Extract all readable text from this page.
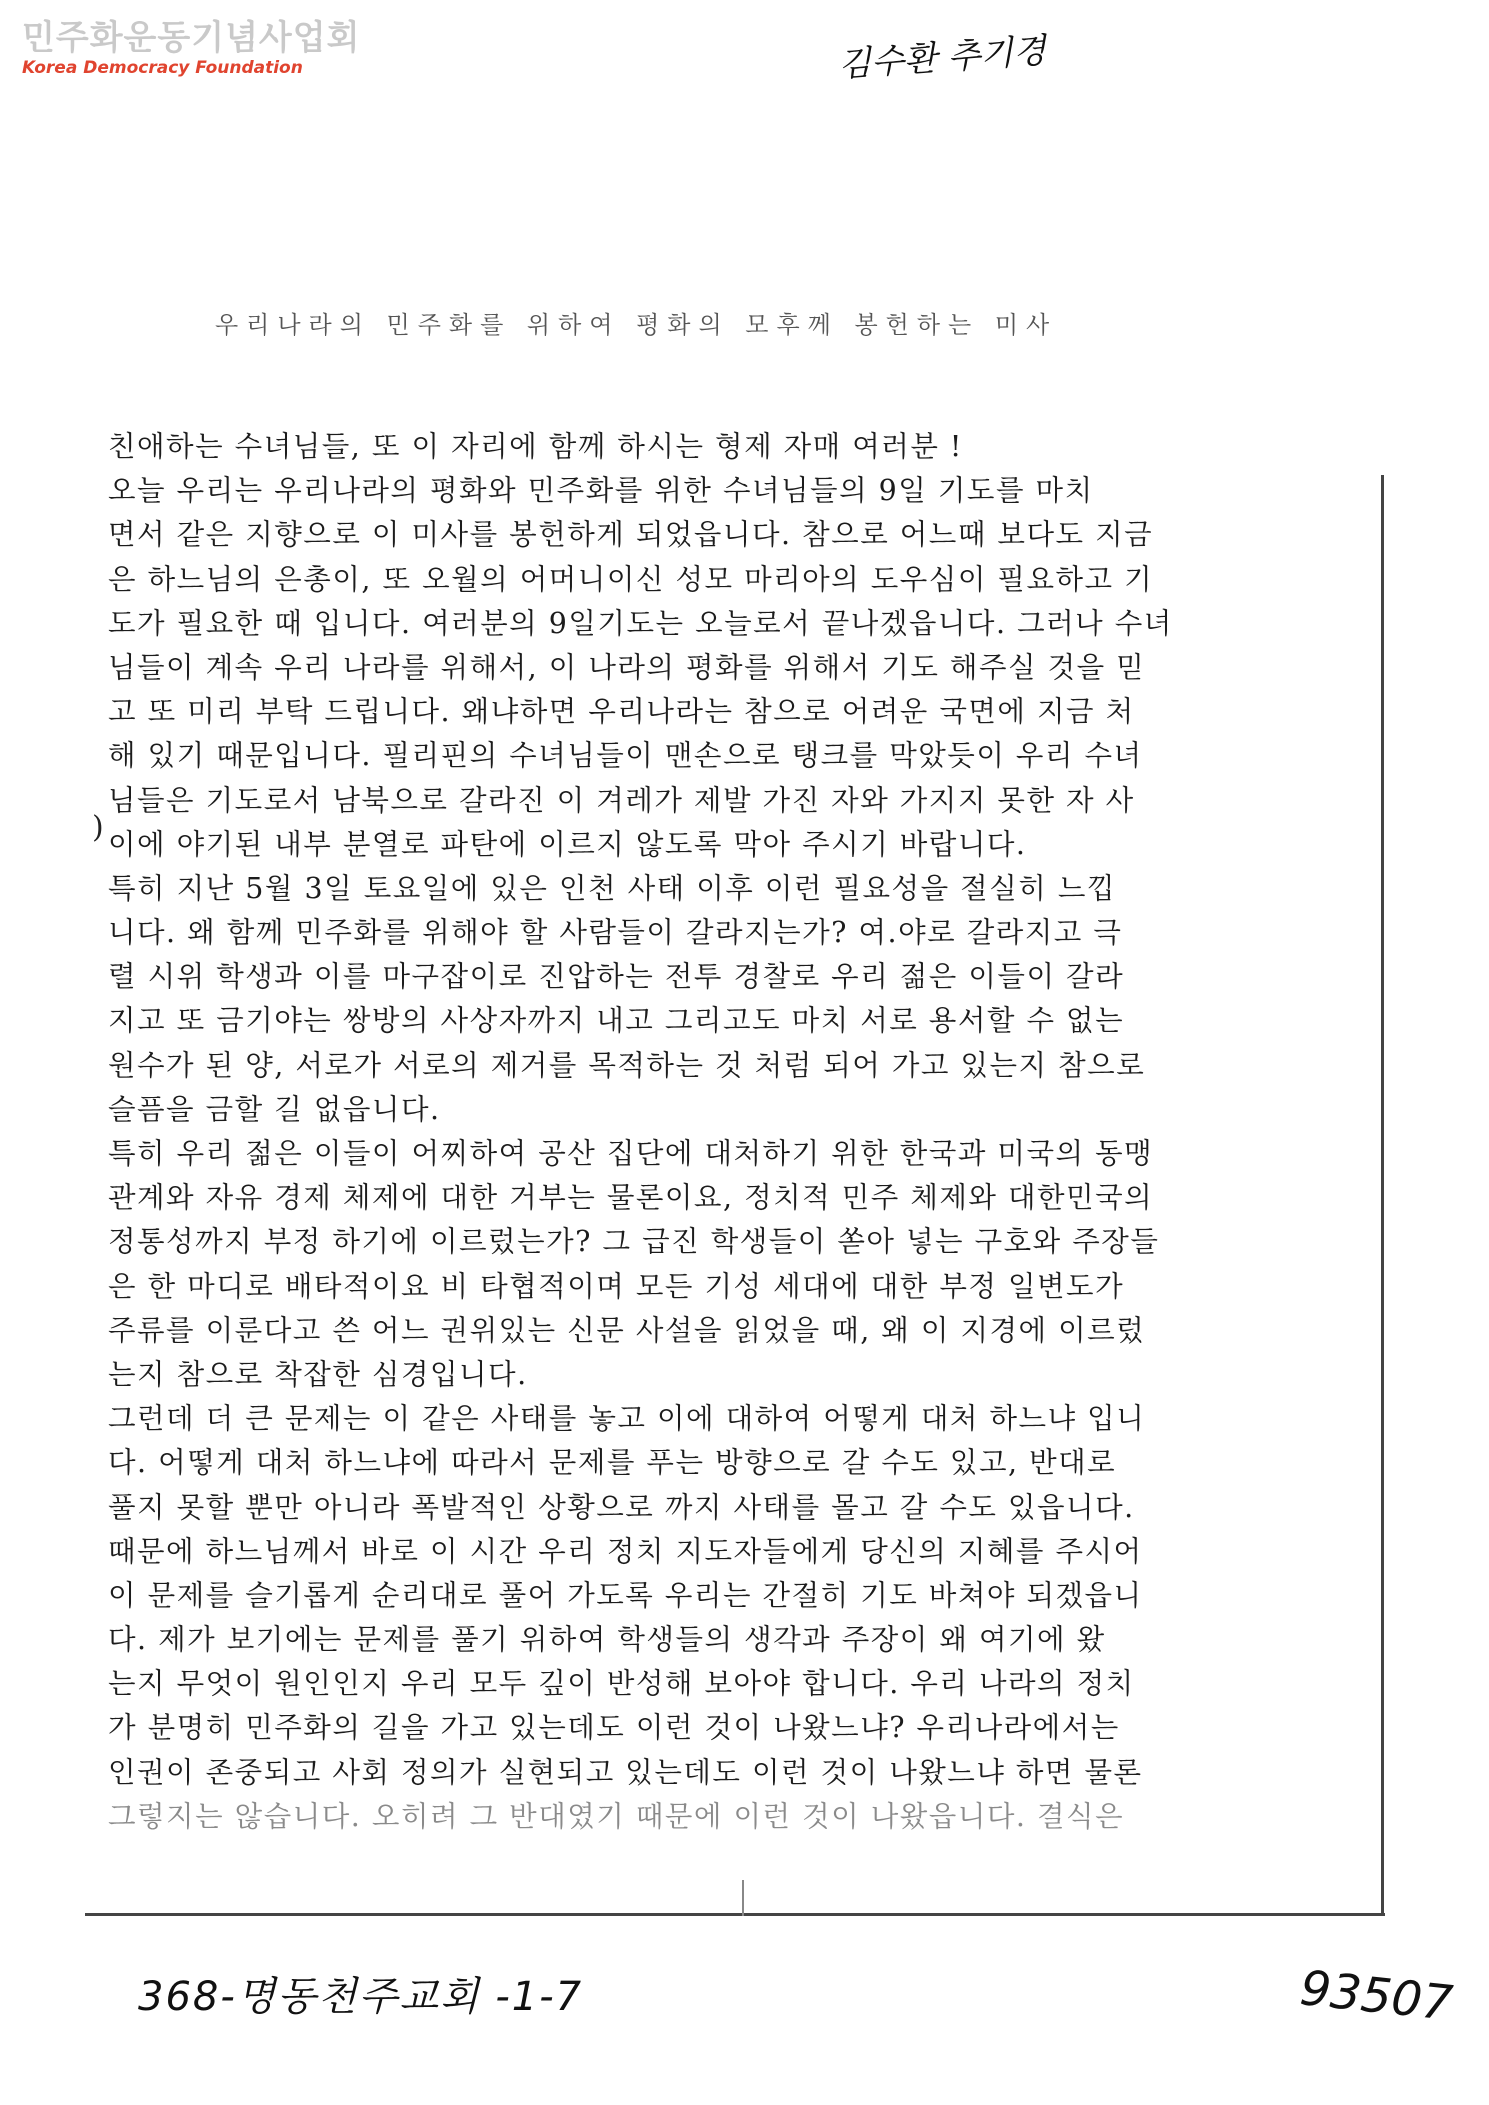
민주화운동기념사업회
Korea Democracy Foundation	김수환 추기경
우리나라의 민주화를 위하여 평화의 모후께 봉헌하는 미사
친애하는 수녀님들, 또 이 자리에 함께 하시는 형제 자매 여러분 !
오늘 우리는 우리나라의 평화와 민주화를 위한 수녀님들의 9일 기도를 마치
면서 같은 지향으로 이 미사를 봉헌하게 되었읍니다. 참으로 어느때 보다도 지금
은 하느님의 은총이, 또 오월의 어머니이신 성모 마리아의 도우심이 필요하고 기
도가 필요한 때 입니다. 여러분의 9일기도는 오늘로서 끝나겠읍니다. 그러나 수녀
님들이 계속 우리 나라를 위해서, 이 나라의 평화를 위해서 기도 해주실 것을 믿
고 또 미리 부탁 드립니다. 왜냐하면 우리나라는 참으로 어려운 국면에 지금 처
해 있기 때문입니다. 필리핀의 수녀님들이 맨손으로 탱크를 막았듯이 우리 수녀
님들은 기도로서 남북으로 갈라진 이 겨레가 제발 가진 자와 가지지 못한 자 사
이에 야기된 내부 분열로 파탄에 이르지 않도록 막아 주시기 바랍니다.
특히 지난 5월 3일 토요일에 있은 인천 사태 이후 이런 필요성을 절실히 느낍
니다. 왜 함께 민주화를 위해야 할 사람들이 갈라지는가? 여.야로 갈라지고 극
렬 시위 학생과 이를 마구잡이로 진압하는 전투 경찰로 우리 젊은 이들이 갈라
지고 또 금기야는 쌍방의 사상자까지 내고 그리고도 마치 서로 용서할 수 없는
원수가 된 양, 서로가 서로의 제거를 목적하는 것 처럼 되어 가고 있는지 참으로
슬픔을 금할 길 없읍니다.
특히 우리 젊은 이들이 어찌하여 공산 집단에 대처하기 위한 한국과 미국의 동맹
관계와 자유 경제 체제에 대한 거부는 물론이요, 정치적 민주 체제와 대한민국의
정통성까지 부정 하기에 이르렀는가? 그 급진 학생들이 쏟아 넣는 구호와 주장들
은 한 마디로 배타적이요 비 타협적이며 모든 기성 세대에 대한 부정 일변도가
주류를 이룬다고 쓴 어느 권위있는 신문 사설을 읽었을 때, 왜 이 지경에 이르렀
는지 참으로 착잡한 심경입니다.
그런데 더 큰 문제는 이 같은 사태를 놓고 이에 대하여 어떻게 대처 하느냐 입니
다. 어떻게 대처 하느냐에 따라서 문제를 푸는 방향으로 갈 수도 있고, 반대로
풀지 못할 뿐만 아니라 폭발적인 상황으로 까지 사태를 몰고 갈 수도 있읍니다.
때문에 하느님께서 바로 이 시간 우리 정치 지도자들에게 당신의 지혜를 주시어
이 문제를 슬기롭게 순리대로 풀어 가도록 우리는 간절히 기도 바쳐야 되겠읍니
다. 제가 보기에는 문제를 풀기 위하여 학생들의 생각과 주장이 왜 여기에 왔
는지 무엇이 원인인지 우리 모두 깊이 반성해 보아야 합니다. 우리 나라의 정치
가 분명히 민주화의 길을 가고 있는데도 이런 것이 나왔느냐? 우리나라에서는
인권이 존중되고 사회 정의가 실현되고 있는데도 이런 것이 나왔느냐 하면 물론
그렇지는 않습니다. 오히려 그 반대였기 때문에 이런 것이 나왔읍니다. 결식은
)
368-명동천주교회 -1-7	93507
